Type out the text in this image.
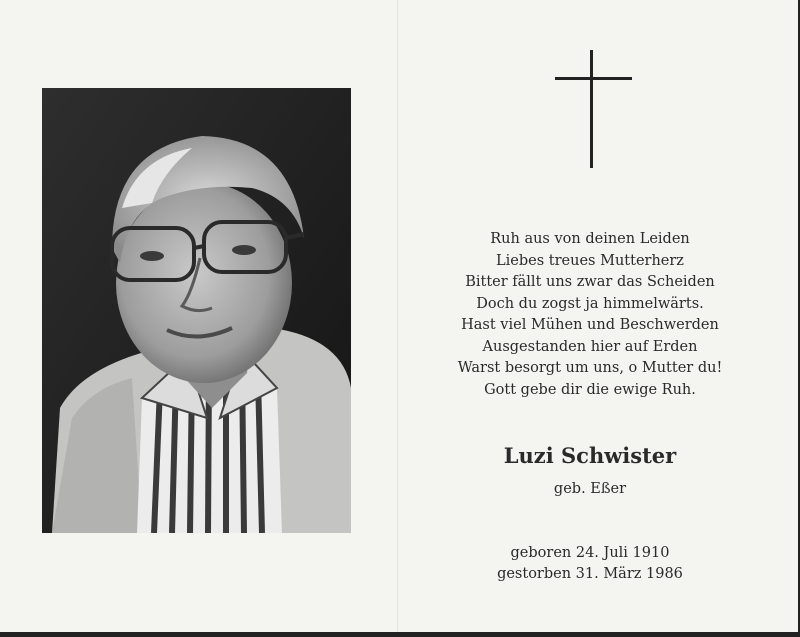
Ruh aus von deinen Leiden
Liebes treues Mutterherz
Bitter fällt uns zwar das Scheiden
Doch du zogst ja himmelwärts.
Hast viel Mühen und Beschwerden
Ausgestanden hier auf Erden
Warst besorgt um uns, o Mutter du!
Gott gebe dir die ewige Ruh.
Luzi Schwister
geb. Eßer
geboren 24. Juli 1910
gestorben 31. März 1986
